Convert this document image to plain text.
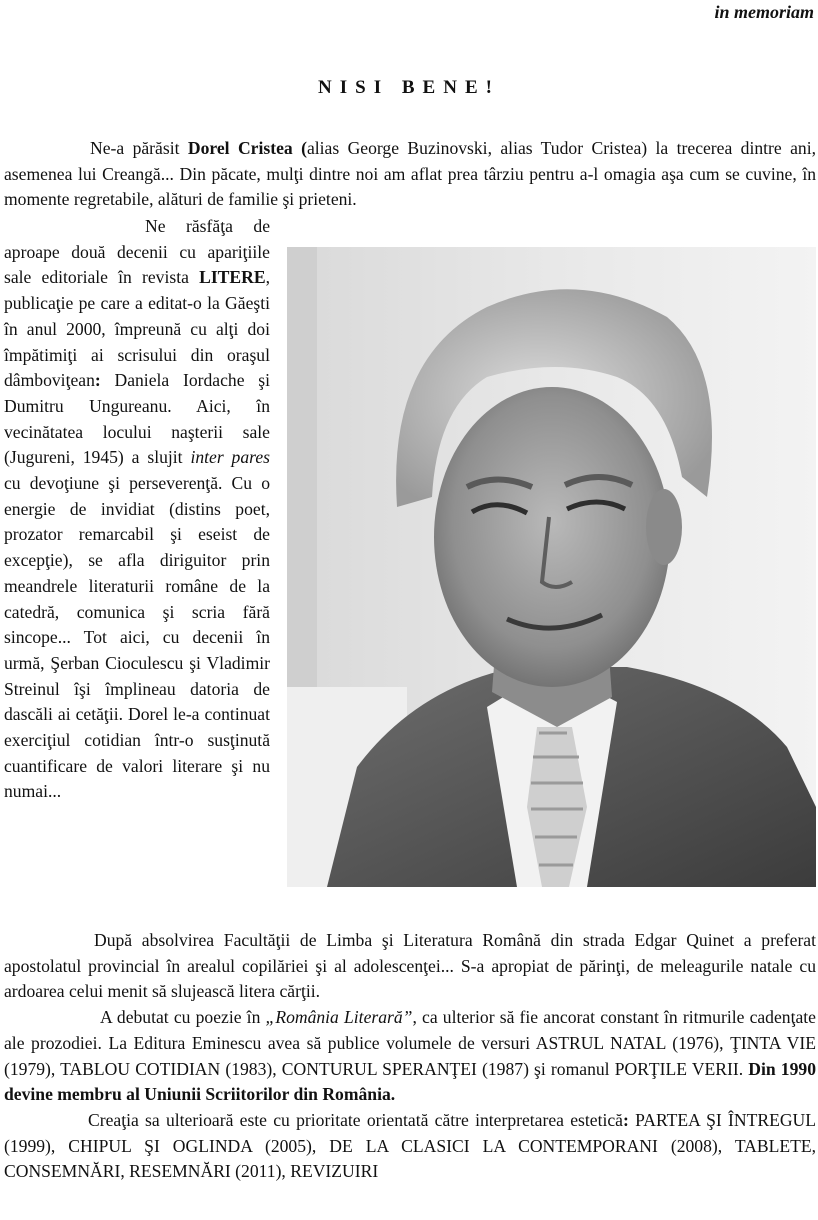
in memoriam
NISI BENE!

Ne-a părăsit Dorel Cristea (alias George Buzinovski, alias Tudor Cristea) la trecerea dintre ani, asemenea lui Creangă... Din păcate, mulţi dintre noi am aflat prea târziu pentru a-l omagia aşa cum se cuvine, în momente regretabile, alături de familie şi prieteni.

Ne răsfăţa de aproape două decenii cu apariţiile sale editoriale în revista LITERE, publicaţie pe care a editat-o la Găeşti în anul 2000, împreună cu alţi doi împătimiţi ai scrisului din oraşul dâmboviţean: Daniela Iordache şi Dumitru Ungureanu. Aici, în vecinătatea locului naşterii sale (Jugureni, 1945) a slujit inter pares cu devoţiune şi perseverenţă. Cu o energie de invidiat (distins poet, prozator remarcabil şi eseist de excepţie), se afla diriguitor prin meandrele literaturii române de la catedră, comunica şi scria fără sincope... Tot aici, cu decenii în urmă, Şerban Cioculescu şi Vladimir Streinul îşi împlineau datoria de dascăli ai cetăţii. Dorel le-a continuat exerciţiul cotidian într-o susţinută cuantificare de valori literare şi nu numai...

După absolvirea Facultăţii de Limba şi Literatura Română din strada Edgar Quinet a preferat apostolatul provincial în arealul copilăriei şi al adolescenţei... S-a apropiat de părinţi, de meleagurile natale cu ardoarea celui menit să slujească litera cărţii.

A debutat cu poezie în „România Literară”, ca ulterior să fie ancorat constant în ritmurile cadenţate ale prozodiei. La Editura Eminescu avea să publice volumele de versuri ASTRUL NATAL (1976), ŢINTA VIE (1979), TABLOU COTIDIAN (1983), CONTURUL SPERANŢEI (1987) şi romanul PORŢILE VERII. Din 1990 devine membru al Uniunii Scriitorilor din România.

Creaţia sa ulterioară este cu prioritate orientată către interpretarea estetică: PARTEA ŞI ÎNTREGUL (1999), CHIPUL ŞI OGLINDA (2005), DE LA CLASICI LA CONTEMPORANI (2008), TABLETE, CONSEMNĂRI, RESEMNĂRI (2011), REVIZUIRI
